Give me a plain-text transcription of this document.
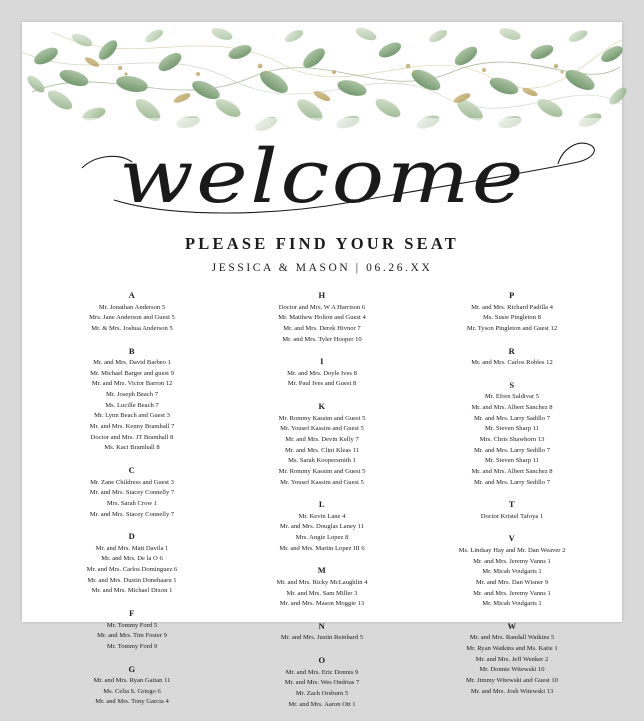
welcome
PLEASE FIND YOUR SEAT
JESSICA & MASON | 06.26.XX
A
Mr. Jonathan Anderson 5
Mrs. Jane Anderson and Guest 5
Mr. & Mrs. Joshua Anderson 5
B
Mr. and Mrs. David Barbeo 1
Mr. Michael Barger and guest 9
Mr. and Mrs. Victor Barron 12
Mr. Joseph Beach 7
Ms. Lucille Beach 7
Mr. Lynn Beach and Guest 3
Mr. and Mrs. Kenny Bramhall 7
Doctor and Mrs. JT Bramhall 8
Ms. Kaci Bramhall 8
C
Mr. Zane Childress and Guest 3
Mr. and Mrs. Stacey Connelly 7
Mrs. Sarah Crow 1
Mr. and Mrs. Stacey Connelly 7
D
Mr. and Mrs. Matt Davila 1
Mr. and Mrs. De la O 6
Mr. and Mrs. Carlos Dominguez 6
Mr. and Mrs. Dustin Donehaaru 1
Mr. and Mrs. Michael Dixon 1
F
Mr. Tommy Ford 5
Mr. and Mrs. Tim Foster 9
Mr. Tommy Ford 9
G
Mr. and Mrs. Ryan Gaitan 11
Ms. Celia S. Griego 6
Mr. and Mrs. Tony Garcia 4
H
Doctor and Mrs. W A Harrison 6
Mr. Matthew Holton and Guest 4
Mr. and Mrs. Derek Hivnor 7
Mr. and Mrs. Tyler Hooper 10
I
Mr. and Mrs. Doyle Ives 8
Mr. Paul Ives and Guest 8
K
Mr. Rommy Kassim and Guest 5
Mr. Yousef Kassim and Guest 5
Mr. and Mrs. Devin Kelly 7
Mr. and Mrs. Clint Kleas 11
Ms. Sarah Koopersmith 1
Mr. Rommy Kassim and Guest 5
Mr. Yousef Kassim and Guest 5
L
Mr. Kevin Lane 4
Mr. and Mrs. Douglas Laney 11
Mrs. Angie Lopez 8
Mr. and Mrs. Martin Lopez III 6
M
Mr. and Mrs. Ricky McLaughlin 4
Mr. and Mrs. Sam Miller 3
Mr. and Mrs. Mason Moggie 13
N
Mr. and Mrs. Justin Reinhard 5
O
Mr. and Mrs. Eric Donnis 9
Mr. and Mrs. Wes Ondrias 7
Mr. Zach Orsburn 5
Mr. and Mrs. Aaron Ott 1
P
Mr. and Mrs. Richard Padilla 4
Ms. Susie Pingleton 8
Mr. Tyson Pingleton and Guest 12
R
Mr. and Mrs. Carlos Robles 12
S
Mr. Efren Saldivar 5
Mr. and Mrs. Albert Sanchez 8
Mr. and Mrs. Larry Sadillo 7
Mr. Steven Sharp 11
Mrs. Chris Shawhorn 13
Mr. and Mrs. Larry Sedillo 7
Mr. Steven Sharp 11
Mr. and Mrs. Albert Sanchez 8
Mr. and Mrs. Larry Sedillo 7
T
Doctor Kristel Tafoya 1
V
Ms. Lindsay Hay and Mr. Dan Weaver 2
Mr. and Mrs. Jeremy Vanns 1
Mr. Micah Voulgaris 1
Mr. and Mrs. Dan Wisner 9
Mr. and Mrs. Jeremy Vanns 1
Mr. Micah Voulgaris 1
W
Mr. and Mrs. Randall Watkins 5
Mr. Ryan Watkins and Ms. Katie 1
Mr. and Mrs. Jeff Wenker 2
Mr. Donnie Witewski 10
Mr. Jimmy Witewski and Guest 10
Mr. and Mrs. Josh Witewski 13
